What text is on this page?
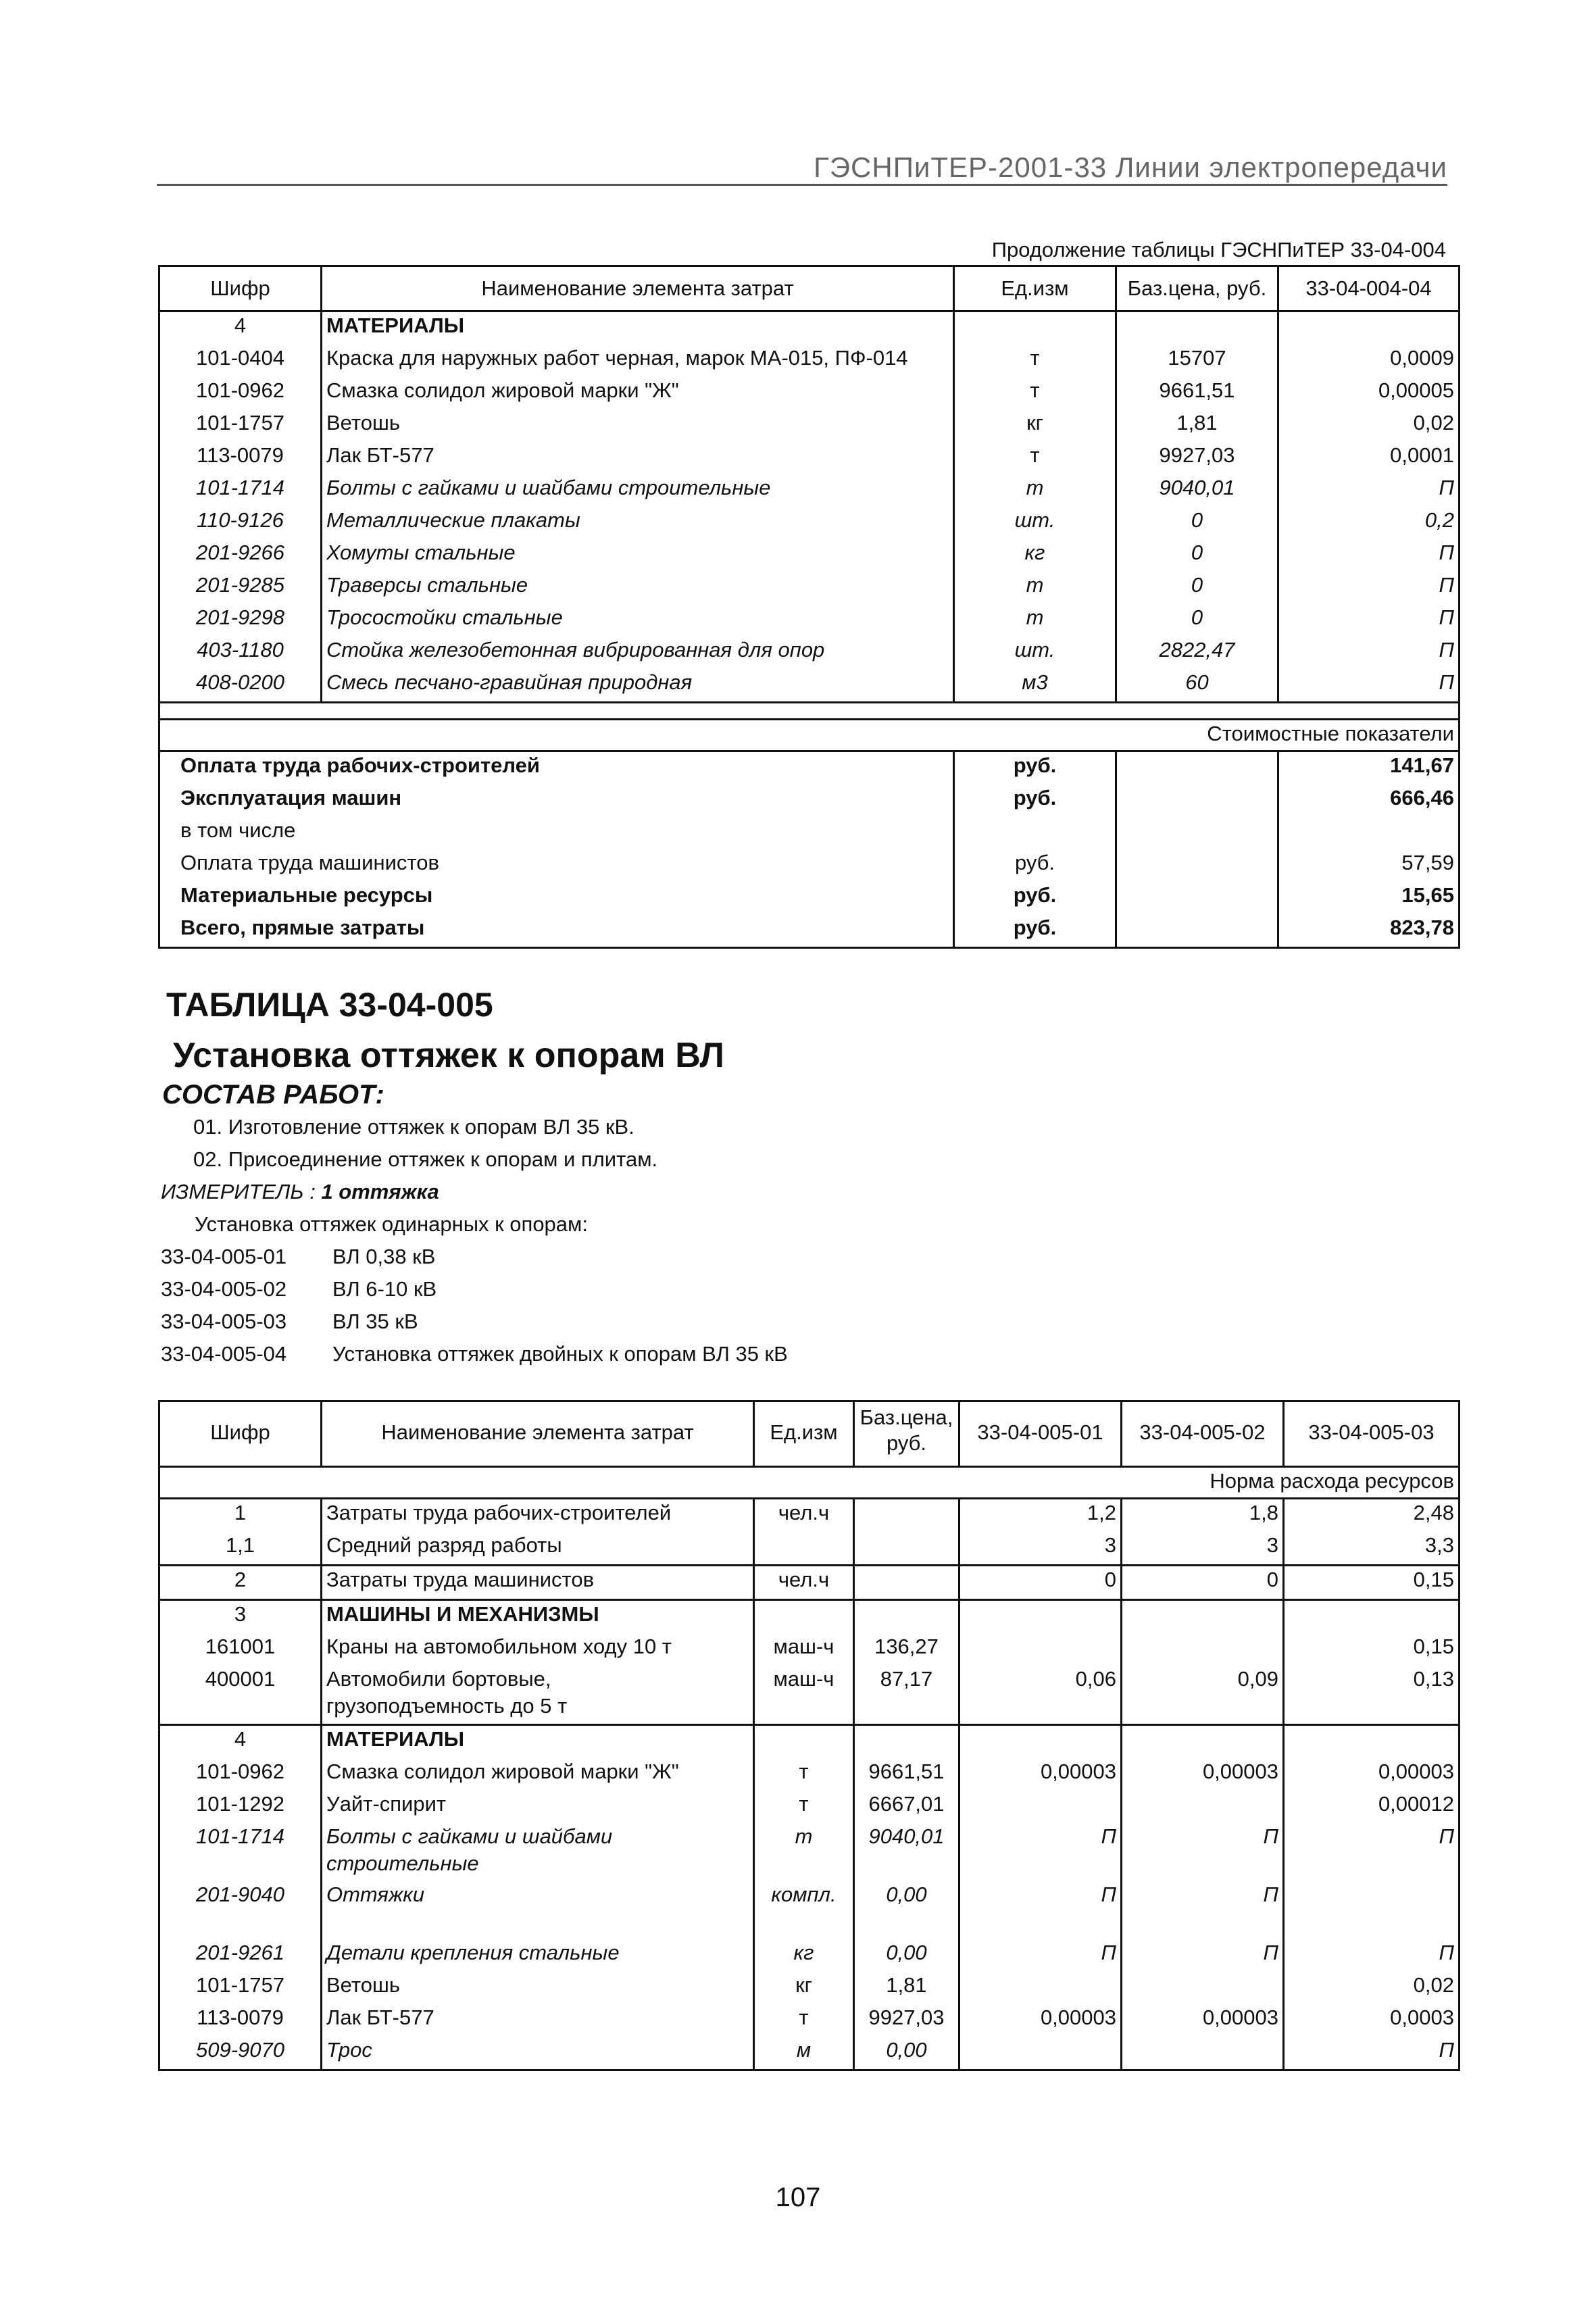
ГЭСНПиТЕР-2001-33 Линии электропередачи
Продолжение таблицы ГЭСНПиТЕР 33-04-004
Шифр	Наименование элемента затрат	Ед.изм	Баз.цена, руб.	33-04-004-04
4	МАТЕРИАЛЫ			
101-0404	Краска для наружных работ черная, марок МА-015, ПФ-014	т	15707	0,0009
101-0962	Смазка солидол жировой марки "Ж"	т	9661,51	0,00005
101-1757	Ветошь	кг	1,81	0,02
113-0079	Лак БТ-577	т	9927,03	0,0001
101-1714	Болты с гайками и шайбами строительные	т	9040,01	П
110-9126	Металлические плакаты	шт.	0	0,2
201-9266	Хомуты стальные	кг	0	П
201-9285	Траверсы стальные	т	0	П
201-9298	Тросостойки стальные	т	0	П
403-1180	Стойка железобетонная вибрированная для опор	шт.	2822,47	П
408-0200	Смесь песчано-гравийная природная	м3	60	П

Стоимостные показатели				
Оплата труда рабочих-строителей		руб.		141,67
Эксплуатация машин		руб.		666,46
в том числе				
Оплата труда машинистов		руб.		57,59
Материальные ресурсы		руб.		15,65
Всего, прямые затраты		руб.		823,78
ТАБЛИЦА 33-04-005
Установка оттяжек к опорам ВЛ
СОСТАВ РАБОТ:
01. Изготовление оттяжек к опорам ВЛ 35 кВ.
02. Присоединение оттяжек к опорам и плитам.
ИЗМЕРИТЕЛЬ : 1 оттяжка
Установка оттяжек одинарных к опорам:
33-04-005-01 ВЛ 0,38 кВ
33-04-005-02 ВЛ 6-10 кВ
33-04-005-03 ВЛ 35 кВ
33-04-005-04 Установка оттяжек двойных к опорам ВЛ 35 кВ
Шифр	Наименование элемента затрат	Ед.изм	Баз.цена, руб.	33-04-005-01	33-04-005-02	33-04-005-03
Норма расхода ресурсов						
1	Затраты труда рабочих-строителей	чел.ч		1,2	1,8	2,48
1,1	Средний разряд работы			3	3	3,3
2	Затраты труда машинистов	чел.ч		0	0	0,15
3	МАШИНЫ И МЕХАНИЗМЫ					

161001	Краны на автомобильном ходу 10 т	маш-ч	136,27			0,15
400001	Автомобили бортовые,
грузоподъемность до 5 т	маш-ч	87,17	0,06	0,09	0,13
4	МАТЕРИАЛЫ					

101-0962	Смазка солидол жировой марки "Ж"	т	9661,51	0,00003	0,00003	0,00003
101-1292	Уайт-спирит	т	6667,01			0,00012
101-1714	Болты с гайками и шайбами
строительные	т	9040,01	П	П	П
201-9040	Оттяжки	компл.	0,00	П	П	
201-9261	Детали крепления стальные	кг	0,00	П	П	П
101-1757	Ветошь	кг	1,81			0,02
113-0079	Лак БТ-577	т	9927,03	0,00003	0,00003	0,0003
509-9070	Трос	м	0,00			П
107
